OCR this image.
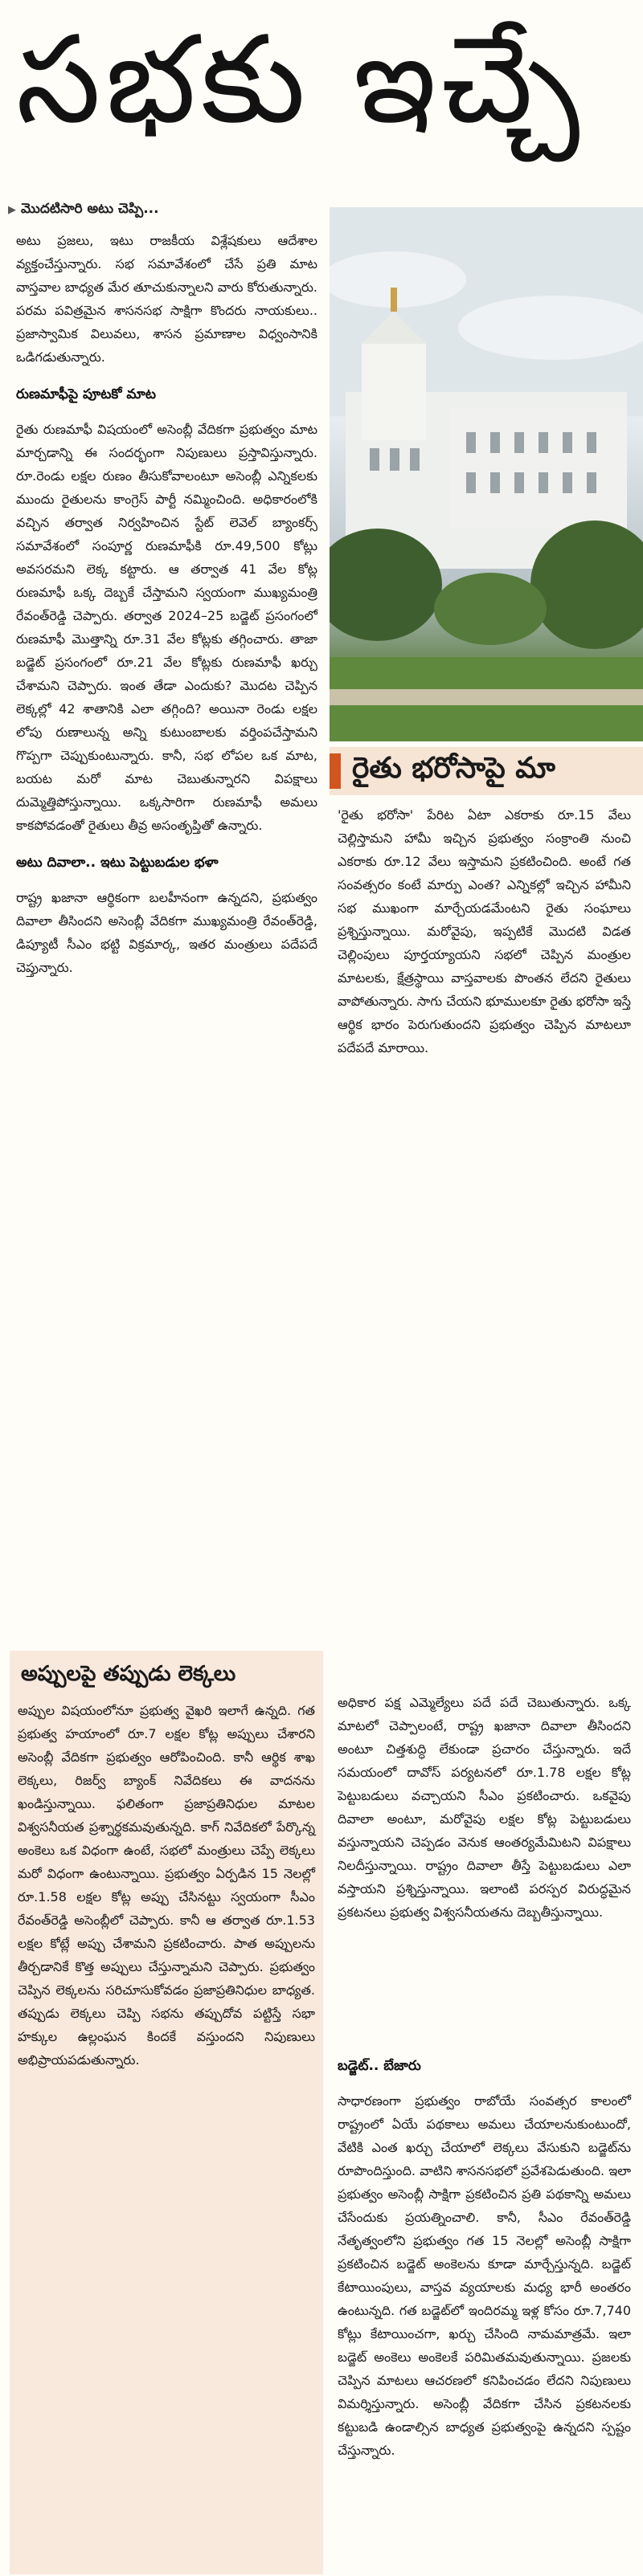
సభకు ఇచ్చే
▶ మొదటిసారి అటు చెప్పి...

అటు ప్రజలు, ఇటు రాజకీయ విశ్లేషకులు ఆదేశాల వ్యక్తంచేస్తున్నారు. సభ సమావేశంలో చేసే ప్రతి మాట వాస్తవాల బాధ్యత మేర తూచుకున్నాలని వారు కోరుతున్నారు. పరమ పవిత్రమైన శాసనసభ సాక్షిగా కొందరు నాయకులు.. ప్రజాస్వామిక విలువలు, శాసన ప్రమాణాల విధ్వంసానికి ఒడిగడుతున్నారు.

రుణమాఫీపై పూటకో మాట

రైతు రుణమాఫీ విషయంలో అసెంబ్లీ వేదికగా ప్రభుత్వం మాట మార్చడాన్ని ఈ సందర్భంగా నిపుణులు ప్రస్తావిస్తున్నారు. రూ.రెండు లక్షల రుణం తీసుకోవాలంటూ అసెంబ్లీ ఎన్నికలకు ముందు రైతులను కాంగ్రెస్ పార్టీ నమ్మించింది. అధికారంలోకి వచ్చిన తర్వాత నిర్వహించిన స్టేట్ లెవెల్ బ్యాంకర్స్ సమావేశంలో సంపూర్ణ రుణమాఫీకి రూ.49,500 కోట్లు అవసరమని లెక్క కట్టారు. ఆ తర్వాత 41 వేల కోట్ల రుణమాఫీ ఒక్క దెబ్బకే చేస్తామని స్వయంగా ముఖ్యమంత్రి రేవంత్‌రెడ్డి చెప్పారు. తర్వాత 2024–25 బడ్జెట్ ప్రసంగంలో రుణమాఫీ మొత్తాన్ని రూ.31 వేల కోట్లకు తగ్గించారు. తాజా బడ్జెట్ ప్రసంగంలో రూ.21 వేల కోట్లకు రుణమాఫీ ఖర్చు చేశామని చెప్పారు. ఇంత తేడా ఎందుకు? మొదట చెప్పిన లెక్కల్లో 42 శాతానికి ఎలా తగ్గింది? అయినా రెండు లక్షల లోపు రుణాలున్న అన్ని కుటుంబాలకు వర్తింపచేస్తామని గొప్పగా చెప్పుకుంటున్నారు. కానీ, సభ లోపల ఒక మాట, బయట మరో మాట చెబుతున్నారని విపక్షాలు దుమ్మెత్తిపోస్తున్నాయి. ఒక్కసారిగా రుణమాఫీ అమలు కాకపోవడంతో రైతులు తీవ్ర అసంతృప్తితో ఉన్నారు.

అటు దివాలా.. ఇటు పెట్టుబడుల భళా

రాష్ట్ర ఖజానా ఆర్థికంగా బలహీనంగా ఉన్నదని, ప్రభుత్వం దివాలా తీసిందని అసెంబ్లీ వేదికగా ముఖ్యమంత్రి రేవంత్‌రెడ్డి, డిప్యూటీ సీఎం భట్టి విక్రమార్క, ఇతర మంత్రులు పదేపదే చెప్తున్నారు.

రైతు భరోసాపై మా

'రైతు భరోసా' పేరిట ఏటా ఎకరాకు రూ.15 వేలు చెల్లిస్తామని హామీ ఇచ్చిన ప్రభుత్వం సంక్రాంతి నుంచి ఎకరాకు రూ.12 వేలు ఇస్తామని ప్రకటించింది. అంటే గత సంవత్సరం కంటే మార్పు ఎంత? ఎన్నికల్లో ఇచ్చిన హామీని సభ ముఖంగా మార్చేయడమేంటని రైతు సంఘాలు ప్రశ్నిస్తున్నాయి. మరోవైపు, ఇప్పటికే మొదటి విడత చెల్లింపులు పూర్తయ్యాయని సభలో చెప్పిన మంత్రుల మాటలకు, క్షేత్రస్థాయి వాస్తవాలకు పొంతన లేదని రైతులు వాపోతున్నారు. సాగు చేయని భూములకూ రైతు భరోసా ఇస్తే ఆర్థిక భారం పెరుగుతుందని ప్రభుత్వం చెప్పిన మాటలూ పదేపదే మారాయి.

అధికార పక్ష ఎమ్మెల్యేలు పదే పదే చెబుతున్నారు. ఒక్క మాటలో చెప్పాలంటే, రాష్ట్ర ఖజానా దివాలా తీసిందని అంటూ చిత్తశుద్ధి లేకుండా ప్రచారం చేస్తున్నారు. ఇదే సమయంలో దావోస్ పర్యటనలో రూ.1.78 లక్షల కోట్ల పెట్టుబడులు వచ్చాయని సీఎం ప్రకటించారు. ఒకవైపు దివాలా అంటూ, మరోవైపు లక్షల కోట్ల పెట్టుబడులు వస్తున్నాయని చెప్పడం వెనుక ఆంతర్యమేమిటని విపక్షాలు నిలదీస్తున్నాయి. రాష్ట్రం దివాలా తీస్తే పెట్టుబడులు ఎలా వస్తాయని ప్రశ్నిస్తున్నాయి. ఇలాంటి పరస్పర విరుద్ధమైన ప్రకటనలు ప్రభుత్వ విశ్వసనీయతను దెబ్బతీస్తున్నాయి.

బడ్జెట్.. బేజారు

సాధారణంగా ప్రభుత్వం రాబోయే సంవత్సర కాలంలో రాష్ట్రంలో ఏయే పథకాలు అమలు చేయాలనుకుంటుందో, వేటికి ఎంత ఖర్చు చేయాలో లెక్కలు వేసుకుని బడ్జెట్‌ను రూపొందిస్తుంది. వాటిని శాసనసభలో ప్రవేశపెడుతుంది. ఇలా ప్రభుత్వం అసెంబ్లీ సాక్షిగా ప్రకటించిన ప్రతి పథకాన్ని అమలు చేసేందుకు ప్రయత్నించాలి. కానీ, సీఎం రేవంత్‌రెడ్డి నేతృత్వంలోని ప్రభుత్వం గత 15 నెలల్లో అసెంబ్లీ సాక్షిగా ప్రకటించిన బడ్జెట్ అంకెలను కూడా మార్చేస్తున్నది. బడ్జెట్ కేటాయింపులు, వాస్తవ వ్యయాలకు మధ్య భారీ అంతరం ఉంటున్నది. గత బడ్జెట్‌లో ఇందిరమ్మ ఇళ్ల కోసం రూ.7,740 కోట్లు కేటాయించగా, ఖర్చు చేసింది నామమాత్రమే. ఇలా బడ్జెట్ అంకెలు అంకెలకే పరిమితమవుతున్నాయి. ప్రజలకు చెప్పిన మాటలు ఆచరణలో కనిపించడం లేదని నిపుణులు విమర్శిస్తున్నారు. అసెంబ్లీ వేదికగా చేసిన ప్రకటనలకు కట్టుబడి ఉండాల్సిన బాధ్యత ప్రభుత్వంపై ఉన్నదని స్పష్టం చేస్తున్నారు.

అప్పులపై తప్పుడు లెక్కలు

అప్పుల విషయంలోనూ ప్రభుత్వ వైఖరి ఇలాగే ఉన్నది. గత ప్రభుత్వ హయాంలో రూ.7 లక్షల కోట్ల అప్పులు చేశారని అసెంబ్లీ వేదికగా ప్రభుత్వం ఆరోపించింది. కానీ ఆర్థిక శాఖ లెక్కలు, రిజర్వ్ బ్యాంక్ నివేదికలు ఈ వాదనను ఖండిస్తున్నాయి. ఫలితంగా ప్రజాప్రతినిధుల మాటల విశ్వసనీయత ప్రశ్నార్థకమవుతున్నది. కాగ్ నివేదికలో పేర్కొన్న అంకెలు ఒక విధంగా ఉంటే, సభలో మంత్రులు చెప్పే లెక్కలు మరో విధంగా ఉంటున్నాయి. ప్రభుత్వం ఏర్పడిన 15 నెలల్లో రూ.1.58 లక్షల కోట్ల అప్పు చేసినట్టు స్వయంగా సీఎం రేవంత్‌రెడ్డి అసెంబ్లీలో చెప్పారు. కానీ ఆ తర్వాత రూ.1.53 లక్షల కోట్లే అప్పు చేశామని ప్రకటించారు. పాత అప్పులను తీర్చడానికే కొత్త అప్పులు చేస్తున్నామని చెప్పారు. ప్రభుత్వం చెప్పిన లెక్కలను సరిచూసుకోవడం ప్రజాప్రతినిధుల బాధ్యత. తప్పుడు లెక్కలు చెప్పి సభను తప్పుదోవ పట్టిస్తే సభా హక్కుల ఉల్లంఘన కిందకే వస్తుందని నిపుణులు అభిప్రాయపడుతున్నారు.
